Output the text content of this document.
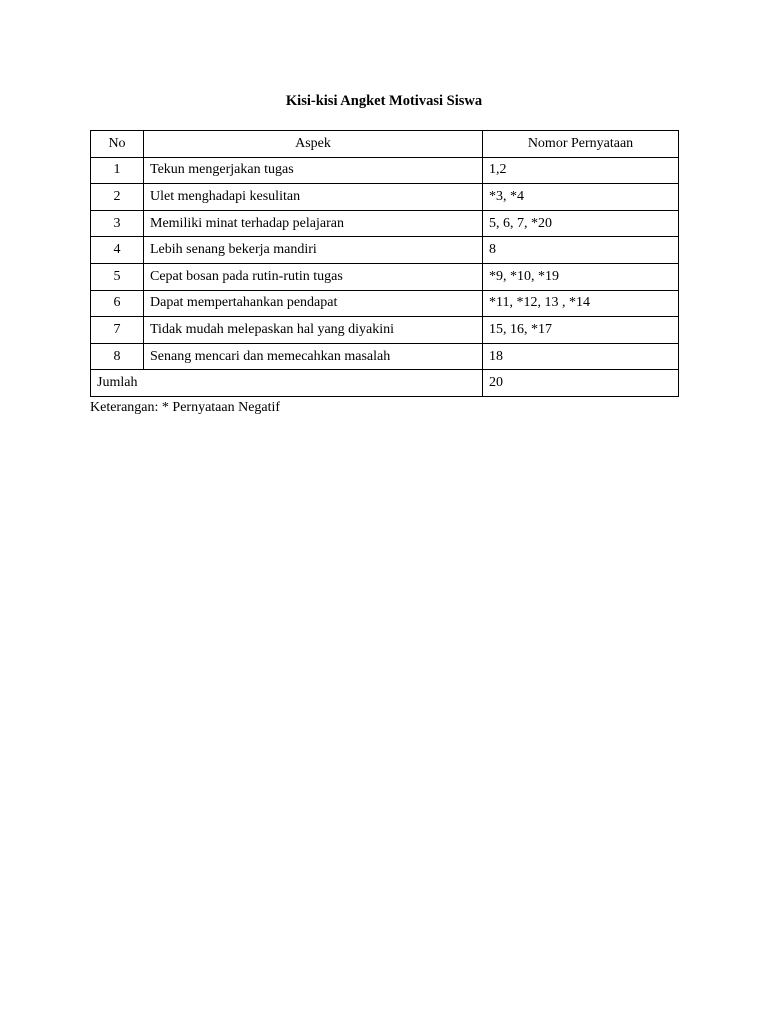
Kisi-kisi Angket Motivasi Siswa
No	Aspek	Nomor Pernyataan
1	Tekun mengerjakan tugas	1,2
2	Ulet menghadapi kesulitan	*3, *4
3	Memiliki minat terhadap pelajaran	5, 6, 7, *20
4	Lebih senang bekerja mandiri	8
5	Cepat bosan pada rutin-rutin tugas	*9, *10, *19
6	Dapat mempertahankan pendapat	*11, *12, 13 , *14
7	Tidak mudah melepaskan hal yang diyakini	15, 16, *17
8	Senang mencari dan memecahkan masalah	18
Jumlah		20
Keterangan: * Pernyataan Negatif
